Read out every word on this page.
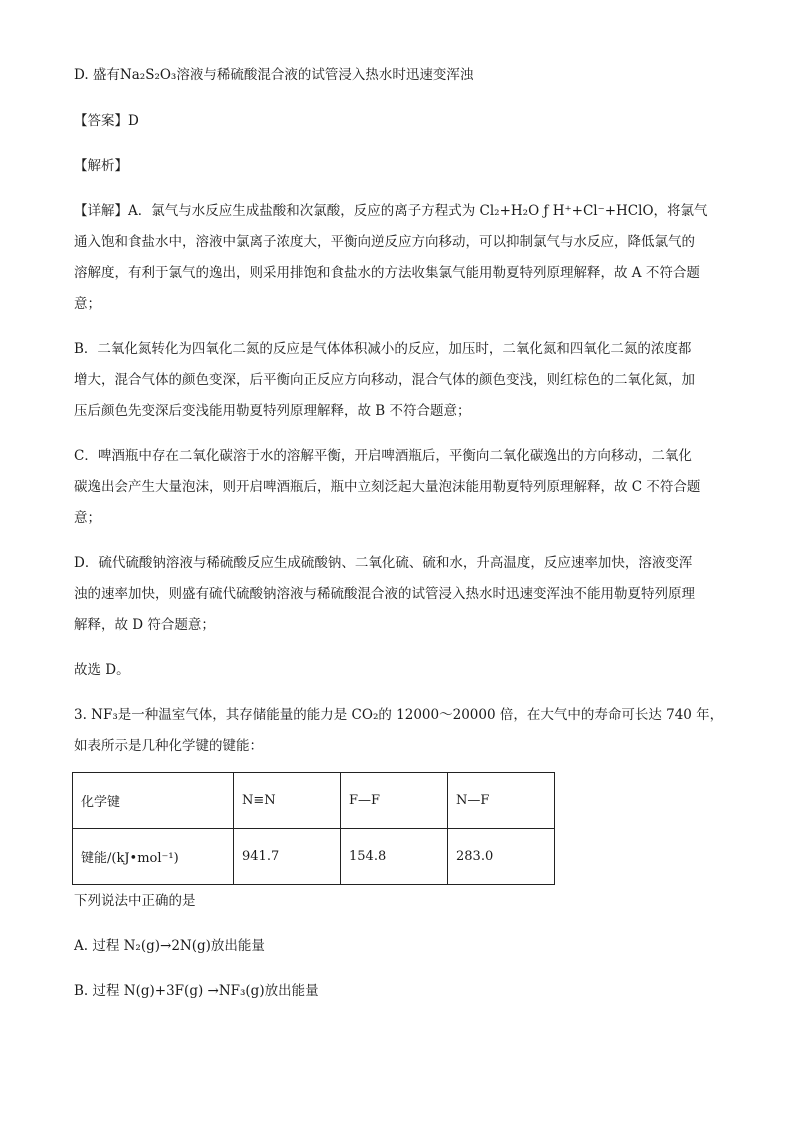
D. 盛有Na₂S₂O₃溶液与稀硫酸混合液的试管浸入热水时迅速变浑浊

【答案】D

【解析】

【详解】A．氯气与水反应生成盐酸和次氯酸，反应的离子方程式为 Cl₂+H₂O ƒ H⁺+Cl⁻+HClO，将氯气

通入饱和食盐水中，溶液中氯离子浓度大，平衡向逆反应方向移动，可以抑制氯气与水反应，降低氯气的

溶解度，有利于氯气的逸出，则采用排饱和食盐水的方法收集氯气能用勒夏特列原理解释，故 A 不符合题

意；

B．二氧化氮转化为四氧化二氮的反应是气体体积减小的反应，加压时，二氧化氮和四氧化二氮的浓度都

增大，混合气体的颜色变深，后平衡向正反应方向移动，混合气体的颜色变浅，则红棕色的二氧化氮，加

压后颜色先变深后变浅能用勒夏特列原理解释，故 B 不符合题意；

C．啤酒瓶中存在二氧化碳溶于水的溶解平衡，开启啤酒瓶后，平衡向二氧化碳逸出的方向移动，二氧化

碳逸出会产生大量泡沫，则开启啤酒瓶后，瓶中立刻泛起大量泡沫能用勒夏特列原理解释，故 C 不符合题

意；

D．硫代硫酸钠溶液与稀硫酸反应生成硫酸钠、二氧化硫、硫和水，升高温度，反应速率加快，溶液变浑

浊的速率加快，则盛有硫代硫酸钠溶液与稀硫酸混合液的试管浸入热水时迅速变浑浊不能用勒夏特列原理

解释，故 D 符合题意；

故选 D。

3. NF₃是一种温室气体，其存储能量的能力是 CO₂的 12000～20000 倍，在大气中的寿命可长达 740 年，

如表所示是几种化学键的键能：

化学键	N≡N	F—F	N—F
键能/(kJ•mol⁻¹)	941.7	154.8	283.0

下列说法中正确的是

A. 过程 N₂(g)→2N(g)放出能量

B. 过程 N(g)+3F(g) →NF₃(g)放出能量
